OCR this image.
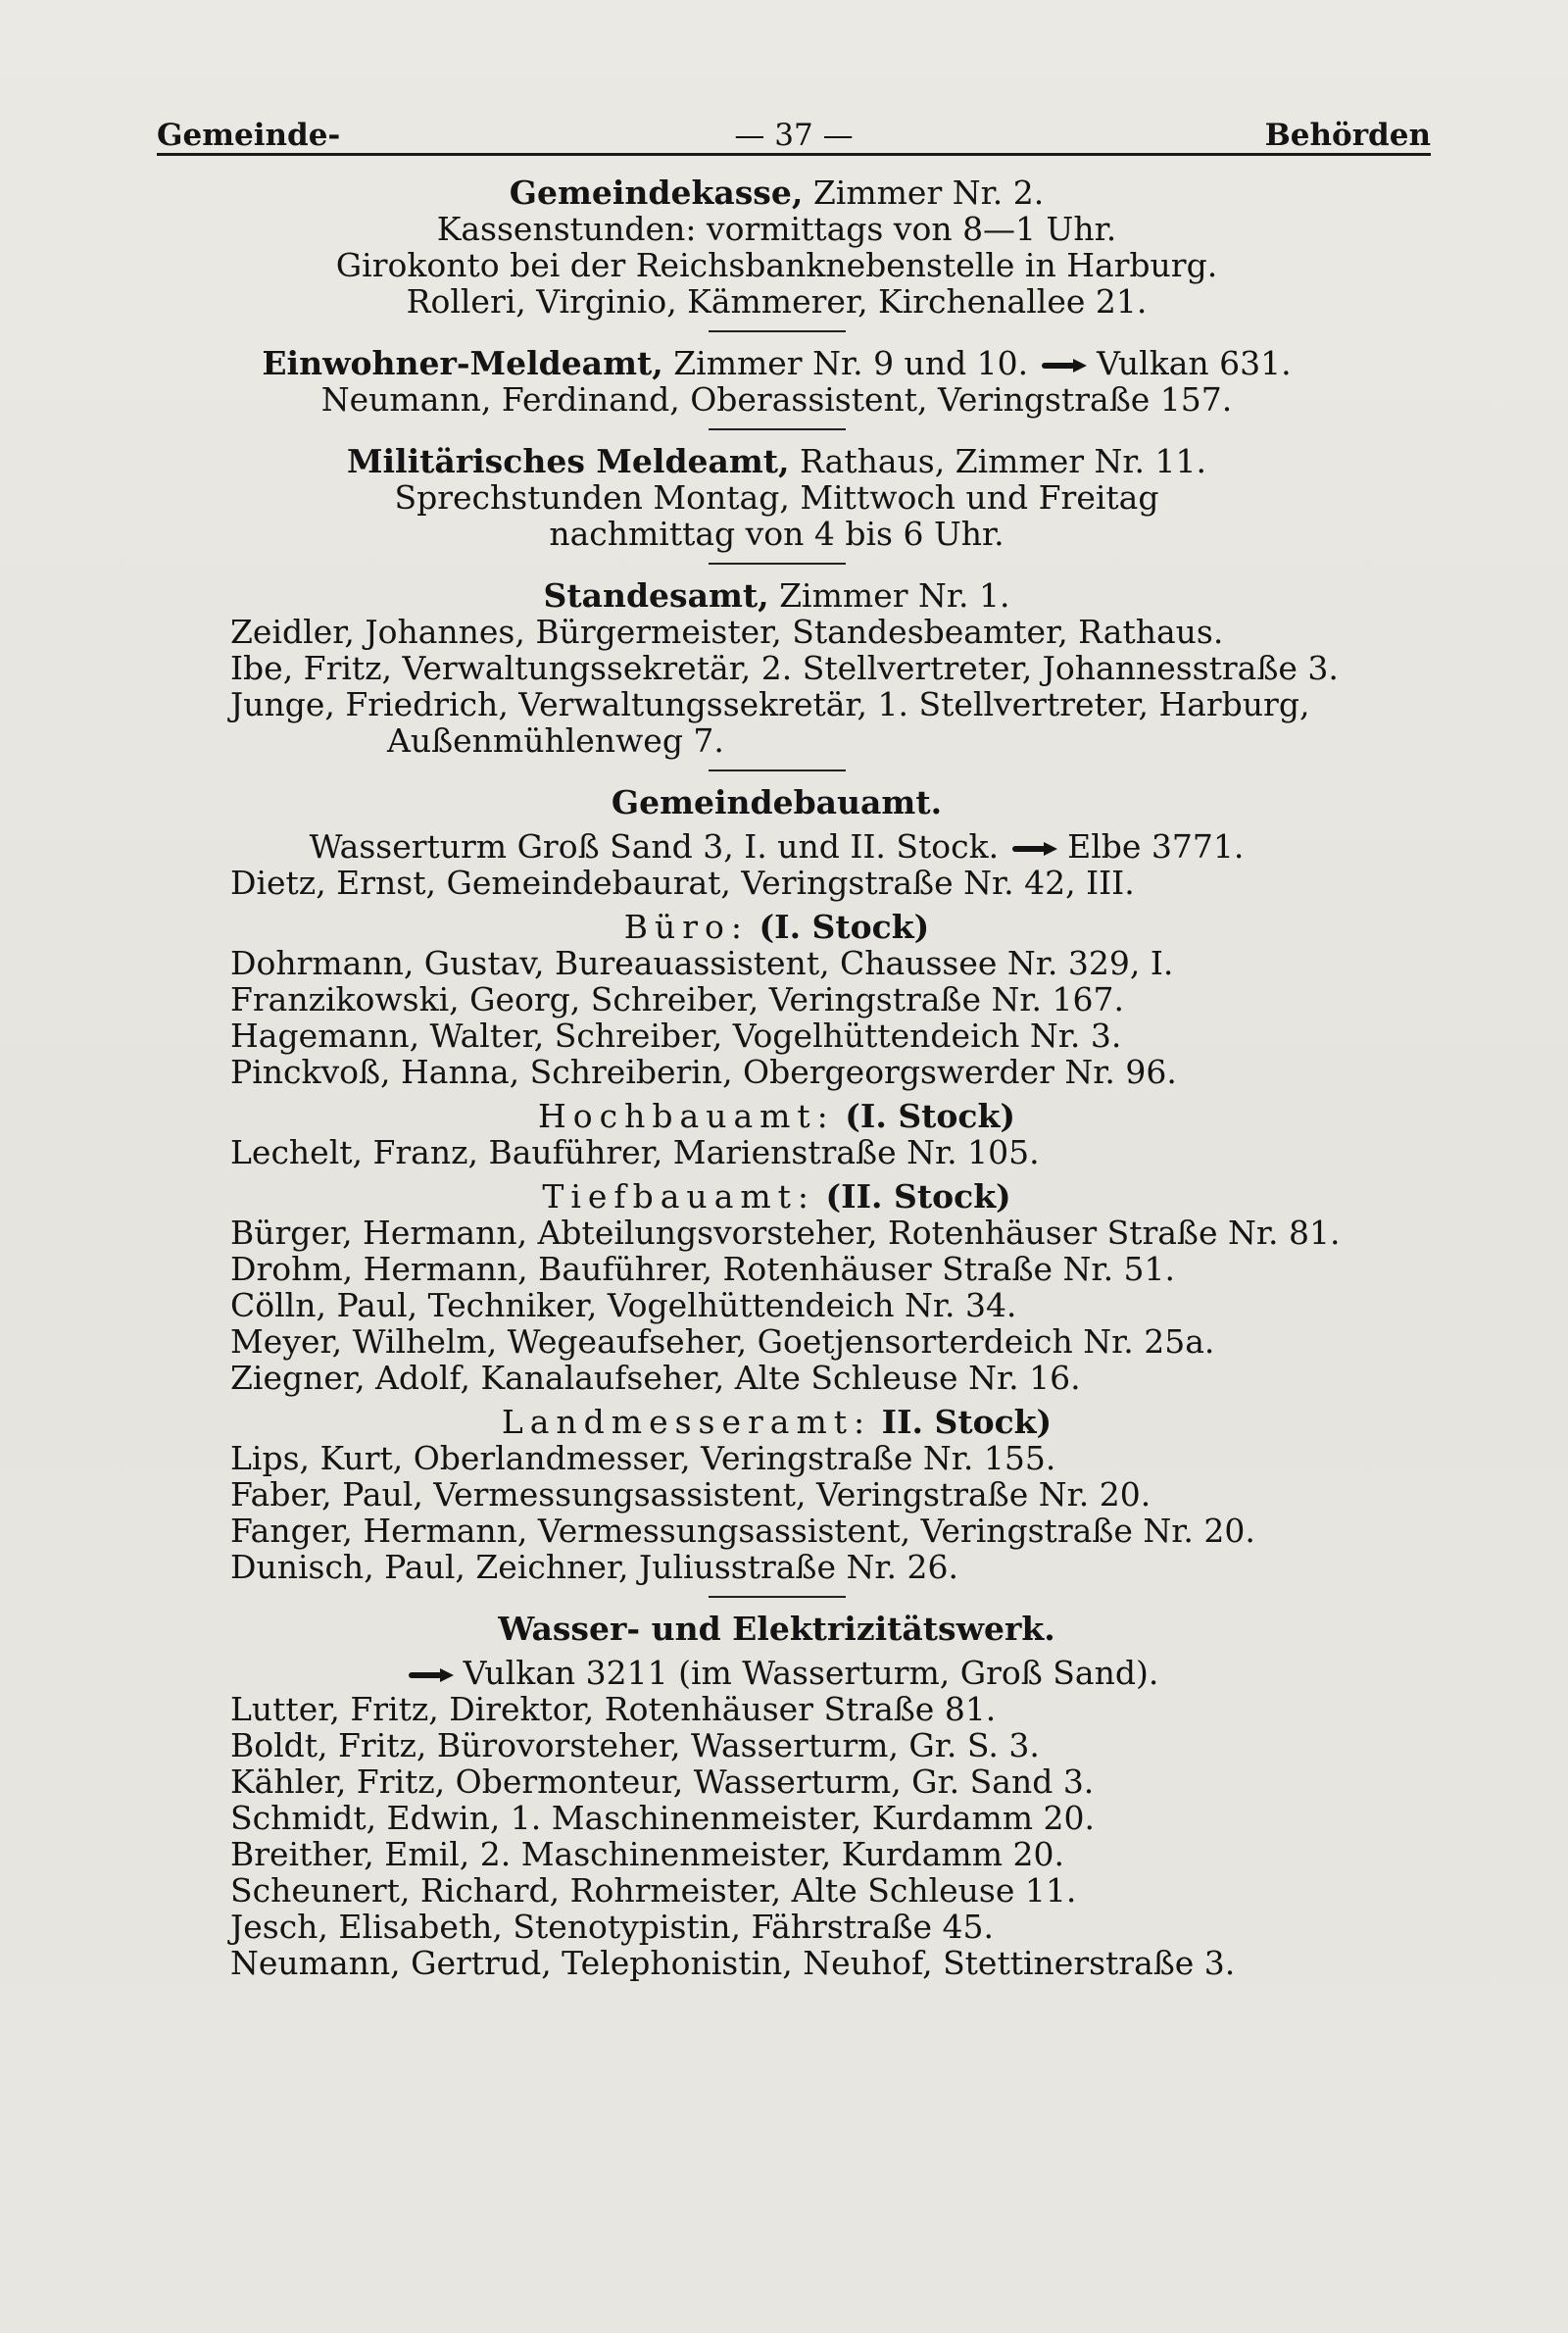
Gemeinde-	— 37 —	Behörden
Gemeindekasse, Zimmer Nr. 2.
Kassenstunden: vormittags von 8—1 Uhr.
Girokonto bei der Reichsbanknebenstelle in Harburg.
Rolleri, Virginio, Kämmerer, Kirchenallee 21.
Einwohner-Meldeamt, Zimmer Nr. 9 und 10. Vulkan 631.
Neumann, Ferdinand, Oberassistent, Veringstraße 157.
Militärisches Meldeamt, Rathaus, Zimmer Nr. 11.
Sprechstunden Montag, Mittwoch und Freitag
nachmittag von 4 bis 6 Uhr.
Standesamt, Zimmer Nr. 1.
Zeidler, Johannes, Bürgermeister, Standesbeamter, Rathaus.
Ibe, Fritz, Verwaltungssekretär, 2. Stellvertreter, Johannesstraße 3.
Junge, Friedrich, Verwaltungssekretär, 1. Stellvertreter, Harburg,
Außenmühlenweg 7.
Gemeindebauamt.
Wasserturm Groß Sand 3, I. und II. Stock. Elbe 3771.
Dietz, Ernst, Gemeindebaurat, Veringstraße Nr. 42, III.
Büro: (I. Stock)
Dohrmann, Gustav, Bureauassistent, Chaussee Nr. 329, I.
Franzikowski, Georg, Schreiber, Veringstraße Nr. 167.
Hagemann, Walter, Schreiber, Vogelhüttendeich Nr. 3.
Pinckvoß, Hanna, Schreiberin, Obergeorgswerder Nr. 96.
Hochbauamt: (I. Stock)
Lechelt, Franz, Bauführer, Marienstraße Nr. 105.
Tiefbauamt: (II. Stock)
Bürger, Hermann, Abteilungsvorsteher, Rotenhäuser Straße Nr. 81.
Drohm, Hermann, Bauführer, Rotenhäuser Straße Nr. 51.
Cölln, Paul, Techniker, Vogelhüttendeich Nr. 34.
Meyer, Wilhelm, Wegeaufseher, Goetjensorterdeich Nr. 25a.
Ziegner, Adolf, Kanalaufseher, Alte Schleuse Nr. 16.
Landmesseramt: II. Stock)
Lips, Kurt, Oberlandmesser, Veringstraße Nr. 155.
Faber, Paul, Vermessungsassistent, Veringstraße Nr. 20.
Fanger, Hermann, Vermessungsassistent, Veringstraße Nr. 20.
Dunisch, Paul, Zeichner, Juliusstraße Nr. 26.
Wasser- und Elektrizitätswerk.
Vulkan 3211 (im Wasserturm, Groß Sand).
Lutter, Fritz, Direktor, Rotenhäuser Straße 81.
Boldt, Fritz, Bürovorsteher, Wasserturm, Gr. S. 3.
Kähler, Fritz, Obermonteur, Wasserturm, Gr. Sand 3.
Schmidt, Edwin, 1. Maschinenmeister, Kurdamm 20.
Breither, Emil, 2. Maschinenmeister, Kurdamm 20.
Scheunert, Richard, Rohrmeister, Alte Schleuse 11.
Jesch, Elisabeth, Stenotypistin, Fährstraße 45.
Neumann, Gertrud, Telephonistin, Neuhof, Stettinerstraße 3.
